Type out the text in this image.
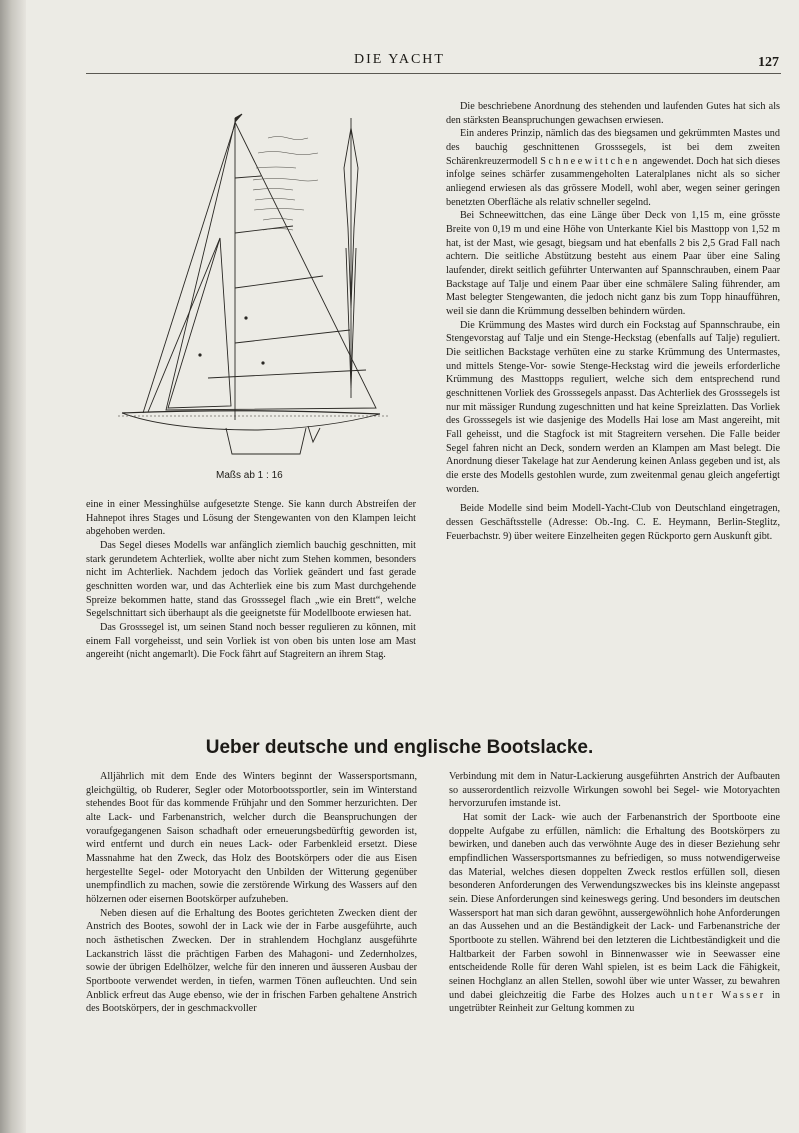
DIE YACHT	127
Maßs ab 1 : 16

eine in einer Messinghülse aufgesetzte Stenge. Sie kann durch Abstreifen der Hahnepot ihres Stages und Lösung der Stengewanten von den Klampen leicht abgehoben werden.

Das Segel dieses Modells war anfänglich ziemlich bauchig geschnitten, mit stark gerundetem Achterliek, wollte aber nicht zum Stehen kommen, besonders nicht im Achterliek. Nachdem jedoch das Vorliek geändert und fast gerade geschnitten worden war, und das Achterliek eine bis zum Mast durchgehende Spreize bekommen hatte, stand das Grosssegel flach „wie ein Brett“, welche Segelschnittart sich überhaupt als die geeignetste für Modellboote erwiesen hat.

Das Grosssegel ist, um seinen Stand noch besser regulieren zu können, mit einem Fall vorgeheisst, und sein Vorliek ist von oben bis unten lose am Mast angereiht (nicht angemarlt). Die Fock fährt auf Stagreitern an ihrem Stag.

Die beschriebene Anordnung des stehenden und laufenden Gutes hat sich als den stärksten Beanspruchungen gewachsen erwiesen.

Ein anderes Prinzip, nämlich das des biegsamen und gekrümmten Mastes und des bauchig geschnittenen Grosssegels, ist bei dem zweiten Schärenkreuzermodell Schneewittchen angewendet. Doch hat sich dieses infolge seines schärfer zusammengeholten Lateralplanes nicht als so sicher anliegend erwiesen als das grössere Modell, wohl aber, wegen seiner geringen benetzten Oberfläche als relativ schneller segelnd.

Bei Schneewittchen, das eine Länge über Deck von 1,15 m, eine grösste Breite von 0,19 m und eine Höhe von Unterkante Kiel bis Masttopp von 1,52 m hat, ist der Mast, wie gesagt, biegsam und hat ebenfalls 2 bis 2,5 Grad Fall nach achtern. Die seitliche Abstützung besteht aus einem Paar über eine Saling laufender, direkt seitlich geführter Unterwanten auf Spannschrauben, einem Paar Backstage auf Talje und einem Paar über eine schmälere Saling führender, am Mast belegter Stengewanten, die jedoch nicht ganz bis zum Topp hinaufführen, weil sie dann die Krümmung desselben behindern würden.

Die Krümmung des Mastes wird durch ein Fockstag auf Spannschraube, ein Stengevorstag auf Talje und ein Stenge-Heckstag (ebenfalls auf Talje) reguliert. Die seitlichen Backstage verhüten eine zu starke Krümmung des Untermastes, und mittels Stenge-Vor- sowie Stenge-Heckstag wird die jeweils erforderliche Krümmung des Masttopps reguliert, welche sich dem entsprechend rund geschnittenen Vorliek des Grosssegels anpasst. Das Achterliek des Grosssegels ist nur mit mässiger Rundung zugeschnitten und hat keine Spreizlatten. Das Vorliek des Grosssegels ist wie dasjenige des Modells Hai lose am Mast angereiht, mit Fall geheisst, und die Stagfock ist mit Stagreitern versehen. Die Falle beider Segel fahren nicht an Deck, sondern werden an Klampen am Mast belegt. Die Anordnung dieser Takelage hat zur Aenderung keinen Anlass gegeben und ist, als die erste des Modells gestohlen wurde, zum zweitenmal genau gleich angefertigt worden.

Beide Modelle sind beim Modell-Yacht-Club von Deutschland eingetragen, dessen Geschäftsstelle (Adresse: Ob.-Ing. C. E. Heymann, Berlin-Steglitz, Feuerbachstr. 9) über weitere Einzelheiten gegen Rückporto gern Auskunft gibt.

Ueber deutsche und englische Bootslacke.

Alljährlich mit dem Ende des Winters beginnt der Wassersportsmann, gleichgültig, ob Ruderer, Segler oder Motorbootssportler, sein im Winterstand stehendes Boot für das kommende Frühjahr und den Sommer herzurichten. Der alte Lack- und Farbenanstrich, welcher durch die Beanspruchungen der voraufgegangenen Saison schadhaft oder erneuerungsbedürftig geworden ist, wird entfernt und durch ein neues Lack- oder Farbenkleid ersetzt. Diese Massnahme hat den Zweck, das Holz des Bootskörpers oder die aus Eisen hergestellte Segel- oder Motoryacht den Unbilden der Witterung gegenüber unempfindlich zu machen, sowie die zerstörende Wirkung des Wassers auf den hölzernen oder eisernen Bootskörper aufzuheben.

Neben diesen auf die Erhaltung des Bootes gerichteten Zwecken dient der Anstrich des Bootes, sowohl der in Lack wie der in Farbe ausgeführte, auch noch ästhetischen Zwecken. Der in strahlendem Hochglanz ausgeführte Lackanstrich lässt die prächtigen Farben des Mahagoni- und Zedernholzes, sowie der übrigen Edelhölzer, welche für den inneren und äusseren Ausbau der Sportboote verwendet werden, in tiefen, warmen Tönen aufleuchten. Und sein Anblick erfreut das Auge ebenso, wie der in frischen Farben gehaltene Anstrich des Bootskörpers, der in geschmackvoller

Verbindung mit dem in Natur-Lackierung ausgeführten Anstrich der Aufbauten so ausserordentlich reizvolle Wirkungen sowohl bei Segel- wie Motoryachten hervorzurufen imstande ist.

Hat somit der Lack- wie auch der Farbenanstrich der Sportboote eine doppelte Aufgabe zu erfüllen, nämlich: die Erhaltung des Bootskörpers zu bewirken, und daneben auch das verwöhnte Auge des in dieser Beziehung sehr empfindlichen Wassersportsmannes zu befriedigen, so muss notwendigerweise das Material, welches diesen doppelten Zweck restlos erfüllen soll, diesen besonderen Anforderungen des Verwendungszweckes bis ins kleinste angepasst sein. Diese Anforderungen sind keineswegs gering. Und besonders im deutschen Wassersport hat man sich daran gewöhnt, aussergewöhnlich hohe Anforderungen an das Aussehen und an die Beständigkeit der Lack- und Farbenanstriche der Sportboote zu stellen. Während bei den letzteren die Lichtbeständigkeit und die Haltbarkeit der Farben sowohl in Binnenwasser wie in Seewasser eine entscheidende Rolle für deren Wahl spielen, ist es beim Lack die Fähigkeit, seinen Hochglanz an allen Stellen, sowohl über wie unter Wasser, zu bewahren und dabei gleichzeitig die Farbe des Holzes auch unter Wasser in ungetrübter Reinheit zur Geltung kommen zu
